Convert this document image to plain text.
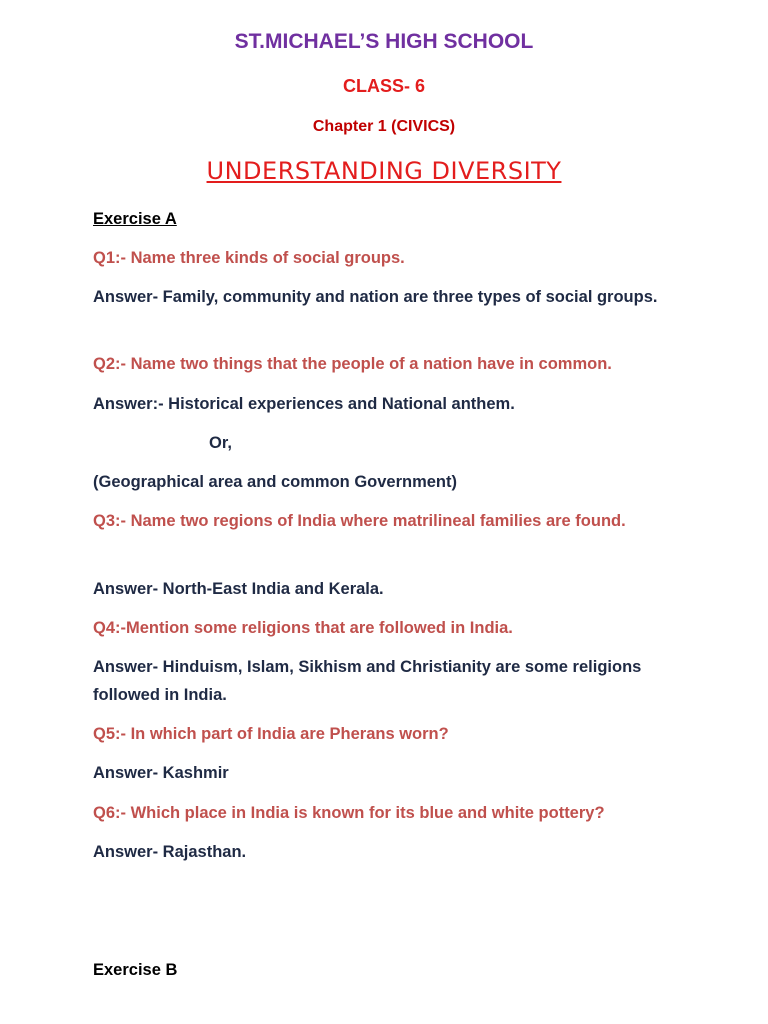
ST.MICHAEL’S HIGH SCHOOL

CLASS- 6

Chapter 1 (CIVICS)

UNDERSTANDING DIVERSITY

Exercise A

Q1:- Name three kinds of social groups.

Answer- Family, community and nation are three types of social groups.

Q2:- Name two things that the people of a nation have in common.

Answer:- Historical experiences and National anthem.

Or,

(Geographical area and common Government)

Q3:- Name two regions of India where matrilineal families are found.

Answer- North-East India and Kerala.

Q4:-Mention some religions that are followed in India.

Answer- Hinduism, Islam, Sikhism and Christianity are some religions followed in India.

Q5:- In which part of India are Pherans worn?

Answer- Kashmir

Q6:- Which place in India is known for its blue and white pottery?

Answer- Rajasthan.

Exercise B
